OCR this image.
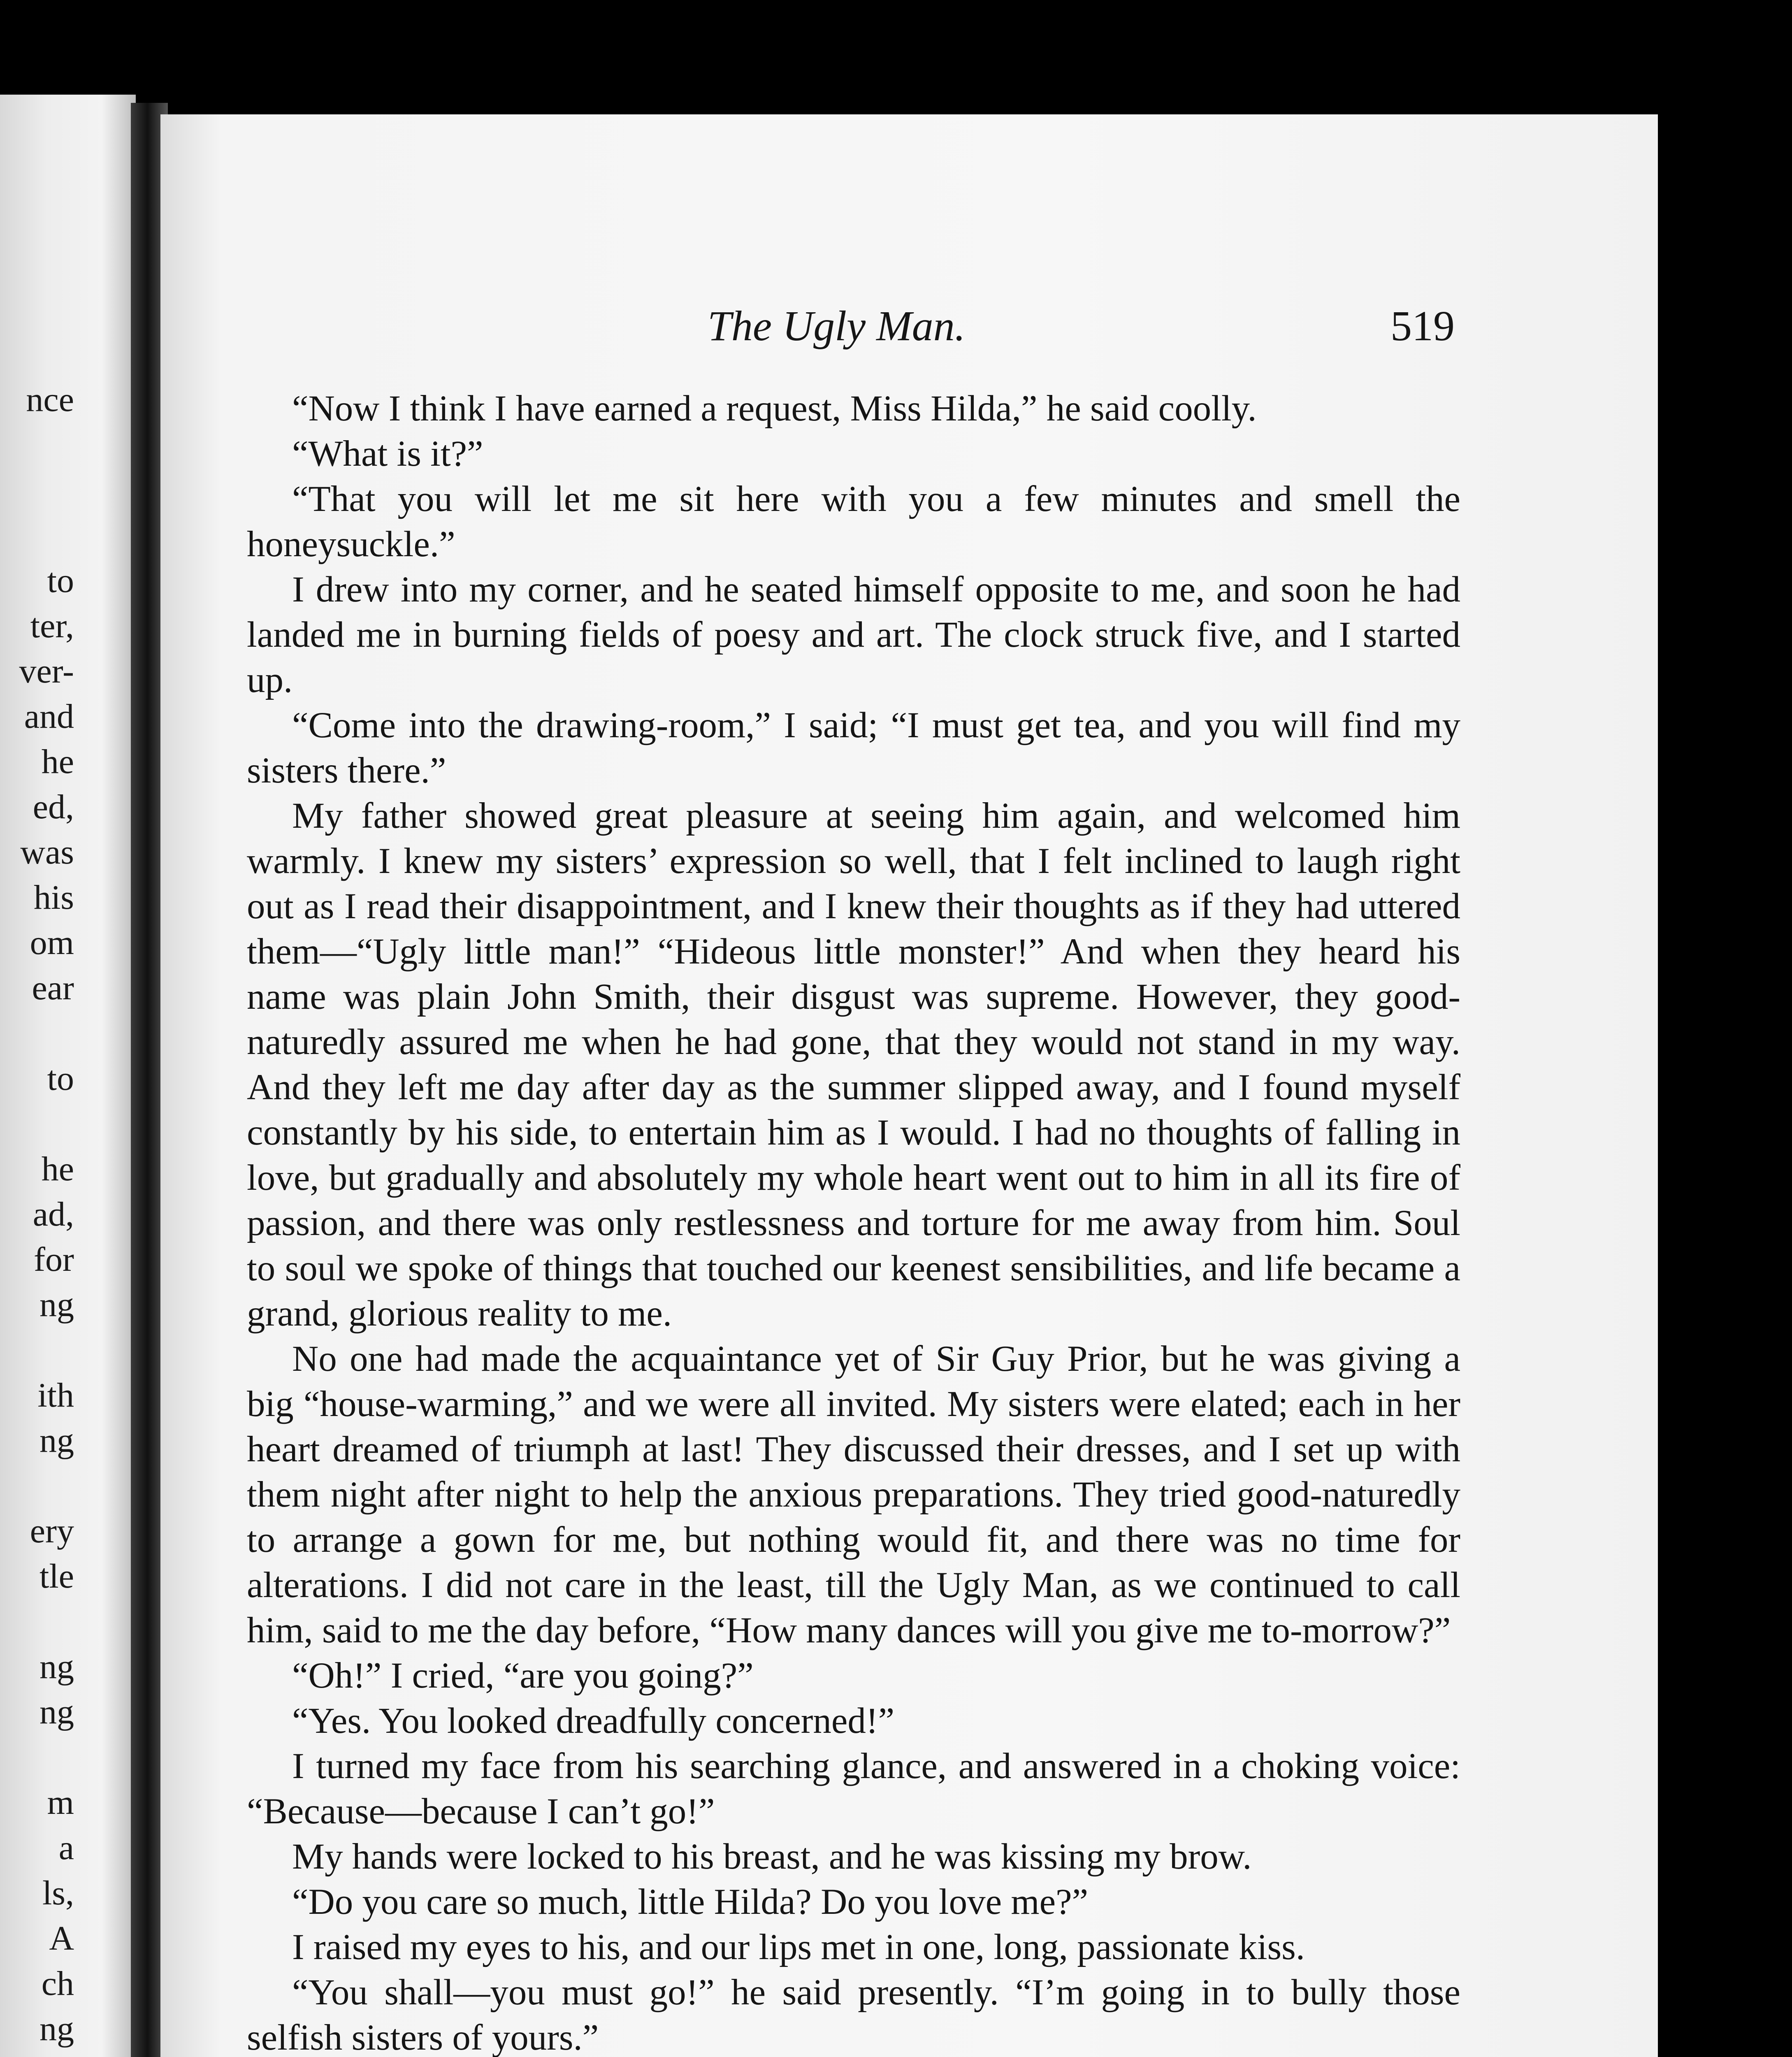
nce
to
ter,
ver-
and
he
ed,
was
his
om
ear
to
he
ad,
for
ng
ith
ng
ery
tle
ng
ng
m
a
ls,
A
ch
ng
The Ugly Man.	519

“Now I think I have earned a request, Miss Hilda,” he said coolly.

“What is it?”

“That you will let me sit here with you a few minutes and smell the honeysuckle.”

I drew into my corner, and he seated himself opposite to me, and soon he had landed me in burning fields of poesy and art. The clock struck five, and I started up.

“Come into the drawing-room,” I said; “I must get tea, and you will find my sisters there.”

My father showed great pleasure at seeing him again, and welcomed him warmly. I knew my sisters’ expression so well, that I felt inclined to laugh right out as I read their disappointment, and I knew their thoughts as if they had uttered them—“Ugly little man!” “Hideous little monster!” And when they heard his name was plain John Smith, their disgust was supreme. However, they good-naturedly assured me when he had gone, that they would not stand in my way. And they left me day after day as the summer slipped away, and I found myself constantly by his side, to entertain him as I would. I had no thoughts of falling in love, but gradually and absolutely my whole heart went out to him in all its fire of passion, and there was only restlessness and torture for me away from him. Soul to soul we spoke of things that touched our keenest sensibilities, and life became a grand, glorious reality to me.

No one had made the acquaintance yet of Sir Guy Prior, but he was giving a big “house-warming,” and we were all invited. My sisters were elated; each in her heart dreamed of triumph at last! They discussed their dresses, and I set up with them night after night to help the anxious preparations. They tried good-naturedly to arrange a gown for me, but nothing would fit, and there was no time for alterations. I did not care in the least, till the Ugly Man, as we continued to call him, said to me the day before, “How many dances will you give me to-morrow?”

“Oh!” I cried, “are you going?”

“Yes. You looked dreadfully concerned!”

I turned my face from his searching glance, and answered in a choking voice: “Because—because I can’t go!”

My hands were locked to his breast, and he was kissing my brow.

“Do you care so much, little Hilda? Do you love me?”

I raised my eyes to his, and our lips met in one, long, passionate kiss.

“You shall—you must go!” he said presently. “I’m going in to bully those selfish sisters of yours.”
